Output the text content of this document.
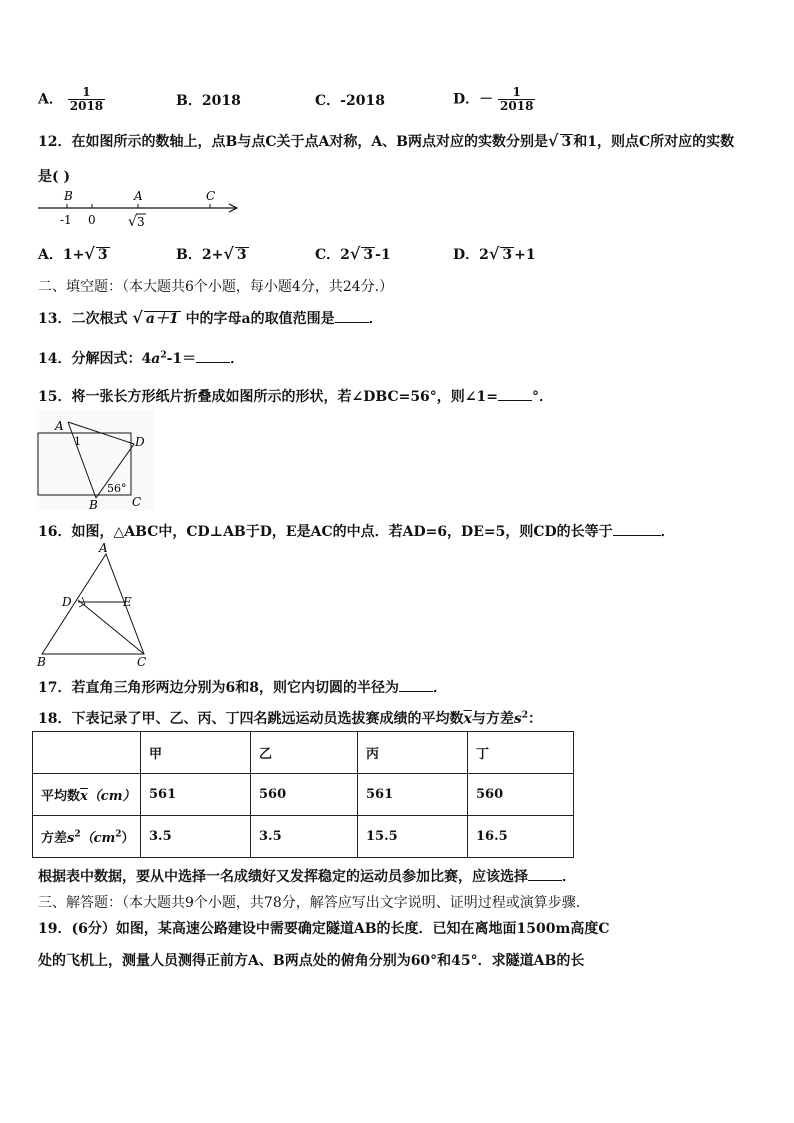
A． $\frac{1}{2018}$	B．2018	C．-2018	D．－ $\frac{1}{2018}$
12．在如图所示的数轴上，点B与点C关于点A对称，A、B两点对应的实数分别是√ 3 和1，则点C所对应的实数
是( )
B	A	C
-1 0 √ 3
A．1+√ 3	B．2+√ 3	C．2√ 3 -1	D．2√ 3 +1
二、填空题：（本大题共6个小题，每小题4分，共24分.）
13．二次根式 √ a＋1 中的字母a的取值范围是 ．
14．分解因式：$4a^2-1=$ ．
15．将一张长方形纸片折叠成如图所示的形状，若∠DBC=56°，则∠1= °．
A
D
B	C
1
56°
16．如图，△ABC中，CD⊥AB于D，E是AC的中点．若AD=6，DE=5，则CD的长等于	．
A
D	E
B	C
17．若直角三角形两边分别为6和8，则它内切圆的半径为 ．
18．下表记录了甲、乙、丙、丁四名跳远运动员选拔赛成绩的平均数$\overline{x}$与方差$s^2$：
	甲	乙	丙	丁
平均数$\overline{x}(cm)$	561	560	561	560
方差$s^2(cm^2)$	3.5	3.5	15.5	16.5
根据表中数据，要从中选择一名成绩好又发挥稳定的运动员参加比赛，应该选择 ．
三、解答题：（本大题共9个小题，共78分，解答应写出文字说明、证明过程或演算步骤．
19．(6分）如图，某高速公路建设中需要确定隧道AB的长度．已知在离地面1500m高度C
处的飞机上，测量人员测得正前方A、B两点处的俯角分别为60°和45°．求隧道AB的长
